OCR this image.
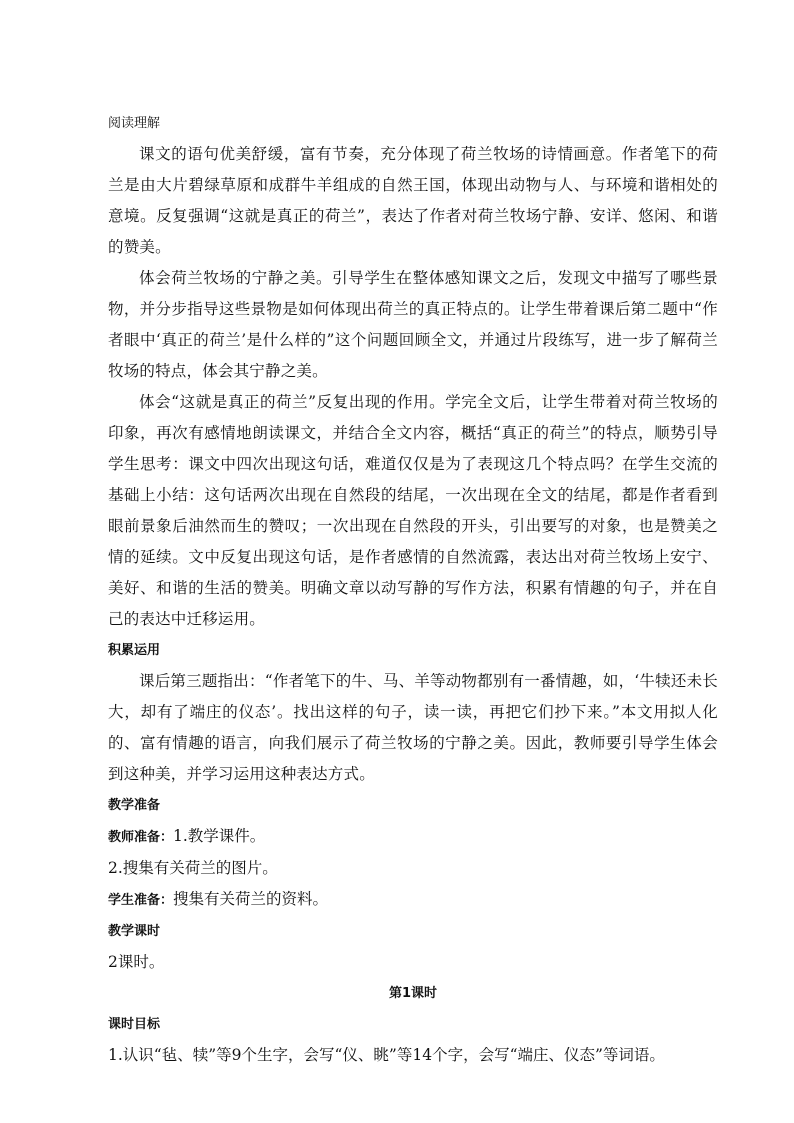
阅读理解

课文的语句优美舒缓，富有节奏，充分体现了荷兰牧场的诗情画意。作者笔下的荷兰是由大片碧绿草原和成群牛羊组成的自然王国，体现出动物与人、与环境和谐相处的意境。反复强调“这就是真正的荷兰”，表达了作者对荷兰牧场宁静、安详、悠闲、和谐的赞美。

体会荷兰牧场的宁静之美。引导学生在整体感知课文之后，发现文中描写了哪些景物，并分步指导这些景物是如何体现出荷兰的真正特点的。让学生带着课后第二题中“作者眼中‘真正的荷兰’是什么样的”这个问题回顾全文，并通过片段练写，进一步了解荷兰牧场的特点，体会其宁静之美。

体会“这就是真正的荷兰”反复出现的作用。学完全文后，让学生带着对荷兰牧场的印象，再次有感情地朗读课文，并结合全文内容，概括“真正的荷兰”的特点，顺势引导学生思考：课文中四次出现这句话，难道仅仅是为了表现这几个特点吗？在学生交流的基础上小结：这句话两次出现在自然段的结尾，一次出现在全文的结尾，都是作者看到眼前景象后油然而生的赞叹；一次出现在自然段的开头，引出要写的对象，也是赞美之情的延续。文中反复出现这句话，是作者感情的自然流露，表达出对荷兰牧场上安宁、美好、和谐的生活的赞美。明确文章以动写静的写作方法，积累有情趣的句子，并在自己的表达中迁移运用。

积累运用

课后第三题指出：“作者笔下的牛、马、羊等动物都别有一番情趣，如，‘牛犊还未长大，却有了端庄的仪态’。找出这样的句子，读一读，再把它们抄下来。”本文用拟人化的、富有情趣的语言，向我们展示了荷兰牧场的宁静之美。因此，教师要引导学生体会到这种美，并学习运用这种表达方式。

教学准备

教师准备：1.教学课件。

2.搜集有关荷兰的图片。

学生准备：搜集有关荷兰的资料。

教学课时

2课时。

第1课时

课时目标

1.认识“毡、犊”等9个生字，会写“仪、眺”等14个字，会写“端庄、仪态”等词语。
